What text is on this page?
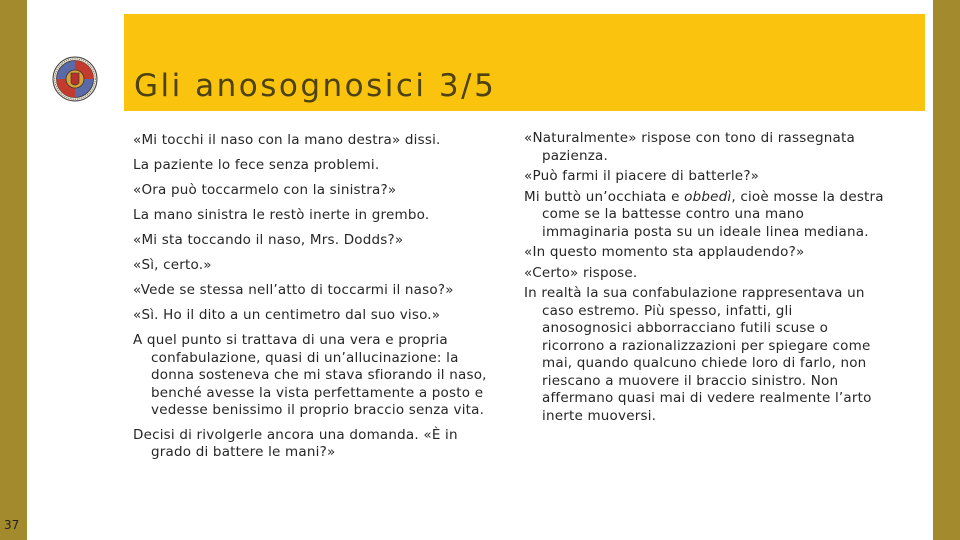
Gli anosognosici 3/5

«Mi tocchi il naso con la mano destra» dissi.

La paziente lo fece senza problemi.

«Ora può toccarmelo con la sinistra?»

La mano sinistra le restò inerte in grembo.

«Mi sta toccando il naso, Mrs. Dodds?»

«Sì, certo.»

«Vede se stessa nell’atto di toccarmi il naso?»

«Sì. Ho il dito a un centimetro dal suo viso.»

A quel punto si trattava di una vera e propria confabulazione, quasi di un’allucinazione: la donna sosteneva che mi stava sfiorando il naso, benché avesse la vista perfettamente a posto e vedesse benissimo il proprio braccio senza vita.

Decisi di rivolgerle ancora una domanda. «È in grado di battere le mani?»

«Naturalmente» rispose con tono di rassegnata pazienza.

«Può farmi il piacere di batterle?»

Mi buttò un’occhiata e obbedì, cioè mosse la destra come se la battesse contro una mano immaginaria posta su un ideale linea mediana.

«In questo momento sta applaudendo?»

«Certo» rispose.

In realtà la sua confabulazione rappresentava un caso estremo. Più spesso, infatti, gli anosognosici abborracciano futili scuse o ricorrono a razionalizzazioni per spiegare come mai, quando qualcuno chiede loro di farlo, non riescano a muovere il braccio sinistro. Non affermano quasi mai di vedere realmente l’arto inerte muoversi.

37
